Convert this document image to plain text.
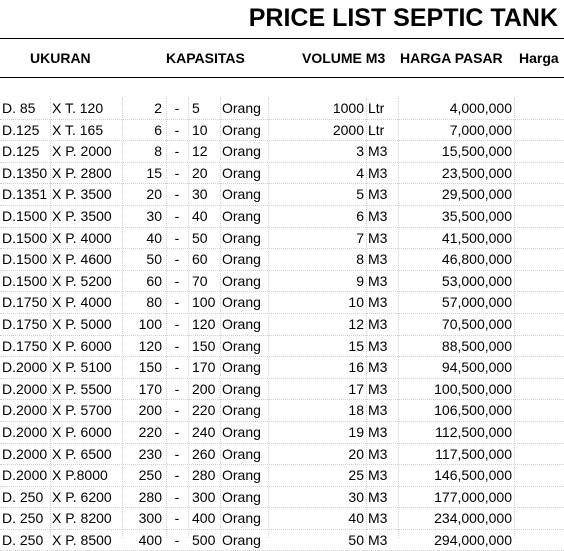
PRICE LIST SEPTIC TANK
UKURAN	KAPASITAS	VOLUME M3 HARGA PASAR Harga
D. 85	X T. 120	2 - 5	Orang	1000 Ltr	4,000,000
D.125 X T. 165	6 - 10	Orang	2000 Ltr	7,000,000
D.125 X P. 2000	8 - 12	Orang	3 M3	15,500,000
D.1350 X P. 2800	15 - 20	Orang	4 M3	23,500,000
D.1351 X P. 3500	20 - 30	Orang	5 M3	29,500,000
D.1500 X P. 3500	30 - 40	Orang	6 M3	35,500,000
D.1500 X P. 4000	40 - 50	Orang	7 M3	41,500,000
D.1500 X P. 4600	50 - 60	Orang	8 M3	46,800,000
D.1500 X P. 5200	60 - 70	Orang	9 M3	53,000,000
D.1750 X P. 4000	80 - 100 Orang	10 M3	57,000,000
D.1750 X P. 5000	100 - 120 Orang	12 M3	70,500,000
D.1750 X P. 6000	120 - 150 Orang	15 M3	88,500,000
D.2000 X P. 5100	150 - 170 Orang	16 M3	94,500,000
D.2000 X P. 5500	170 - 200 Orang	17 M3	100,500,000
D.2000 X P. 5700	200 - 220 Orang	18 M3	106,500,000
D.2000 X P. 6000	220 - 240 Orang	19 M3	112,500,000
D.2000 X P. 6500	230 - 260 Orang	20 M3	117,500,000
D.2000 X P.8000	250 - 280 Orang	25 M3	146,500,000
D. 250 X P. 6200	280 - 300 Orang	30 M3	177,000,000
D. 250 X P. 8200	300 - 400 Orang	40 M3	234,000,000
D. 250 X P. 8500	400 - 500 Orang	50 M3	294,000,000
